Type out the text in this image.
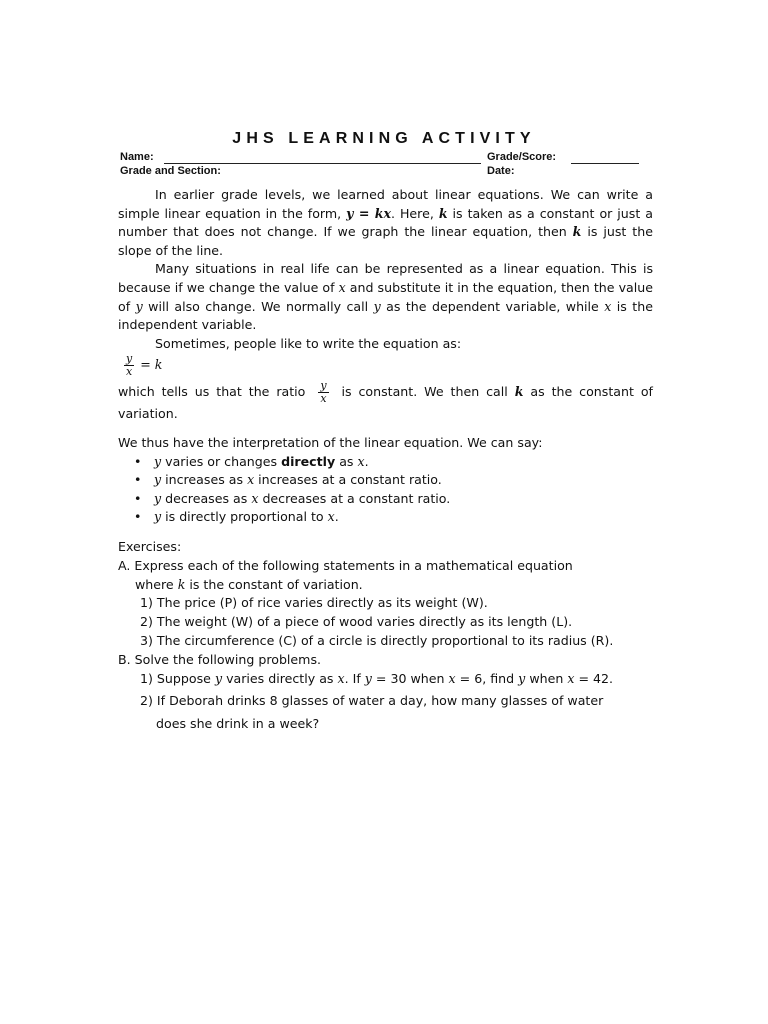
JHS LEARNING ACTIVITY
Name:
Grade and Section:
Grade/Score:
Date:

In earlier grade levels, we learned about linear equations. We can write a simple linear equation in the form, y = kx. Here, k is taken as a constant or just a number that does not change. If we graph the linear equation, then k is just the slope of the line.

Many situations in real life can be represented as a linear equation. This is because if we change the value of x and substitute it in the equation, then the value of y will also change. We normally call y as the dependent variable, while x is the independent variable.

Sometimes, people like to write the equation as:

$\frac{y}{x} = k$

which tells us that the ratio $\frac{y}{x}$ is constant. We then call k as the constant of variation.

We thus have the interpretation of the linear equation. We can say:

• y varies or changes directly as x.
• y increases as x increases at a constant ratio.
• y decreases as x decreases at a constant ratio.
• y is directly proportional to x.

Exercises:

A. Express each of the following statements in a mathematical equation

where k is the constant of variation.

1) The price (P) of rice varies directly as its weight (W).

2) The weight (W) of a piece of wood varies directly as its length (L).

3) The circumference (C) of a circle is directly proportional to its radius (R).

B. Solve the following problems.

1) Suppose y varies directly as x. If y = 30 when x = 6, find y when x = 42.

2) If Deborah drinks 8 glasses of water a day, how many glasses of water

does she drink in a week?
